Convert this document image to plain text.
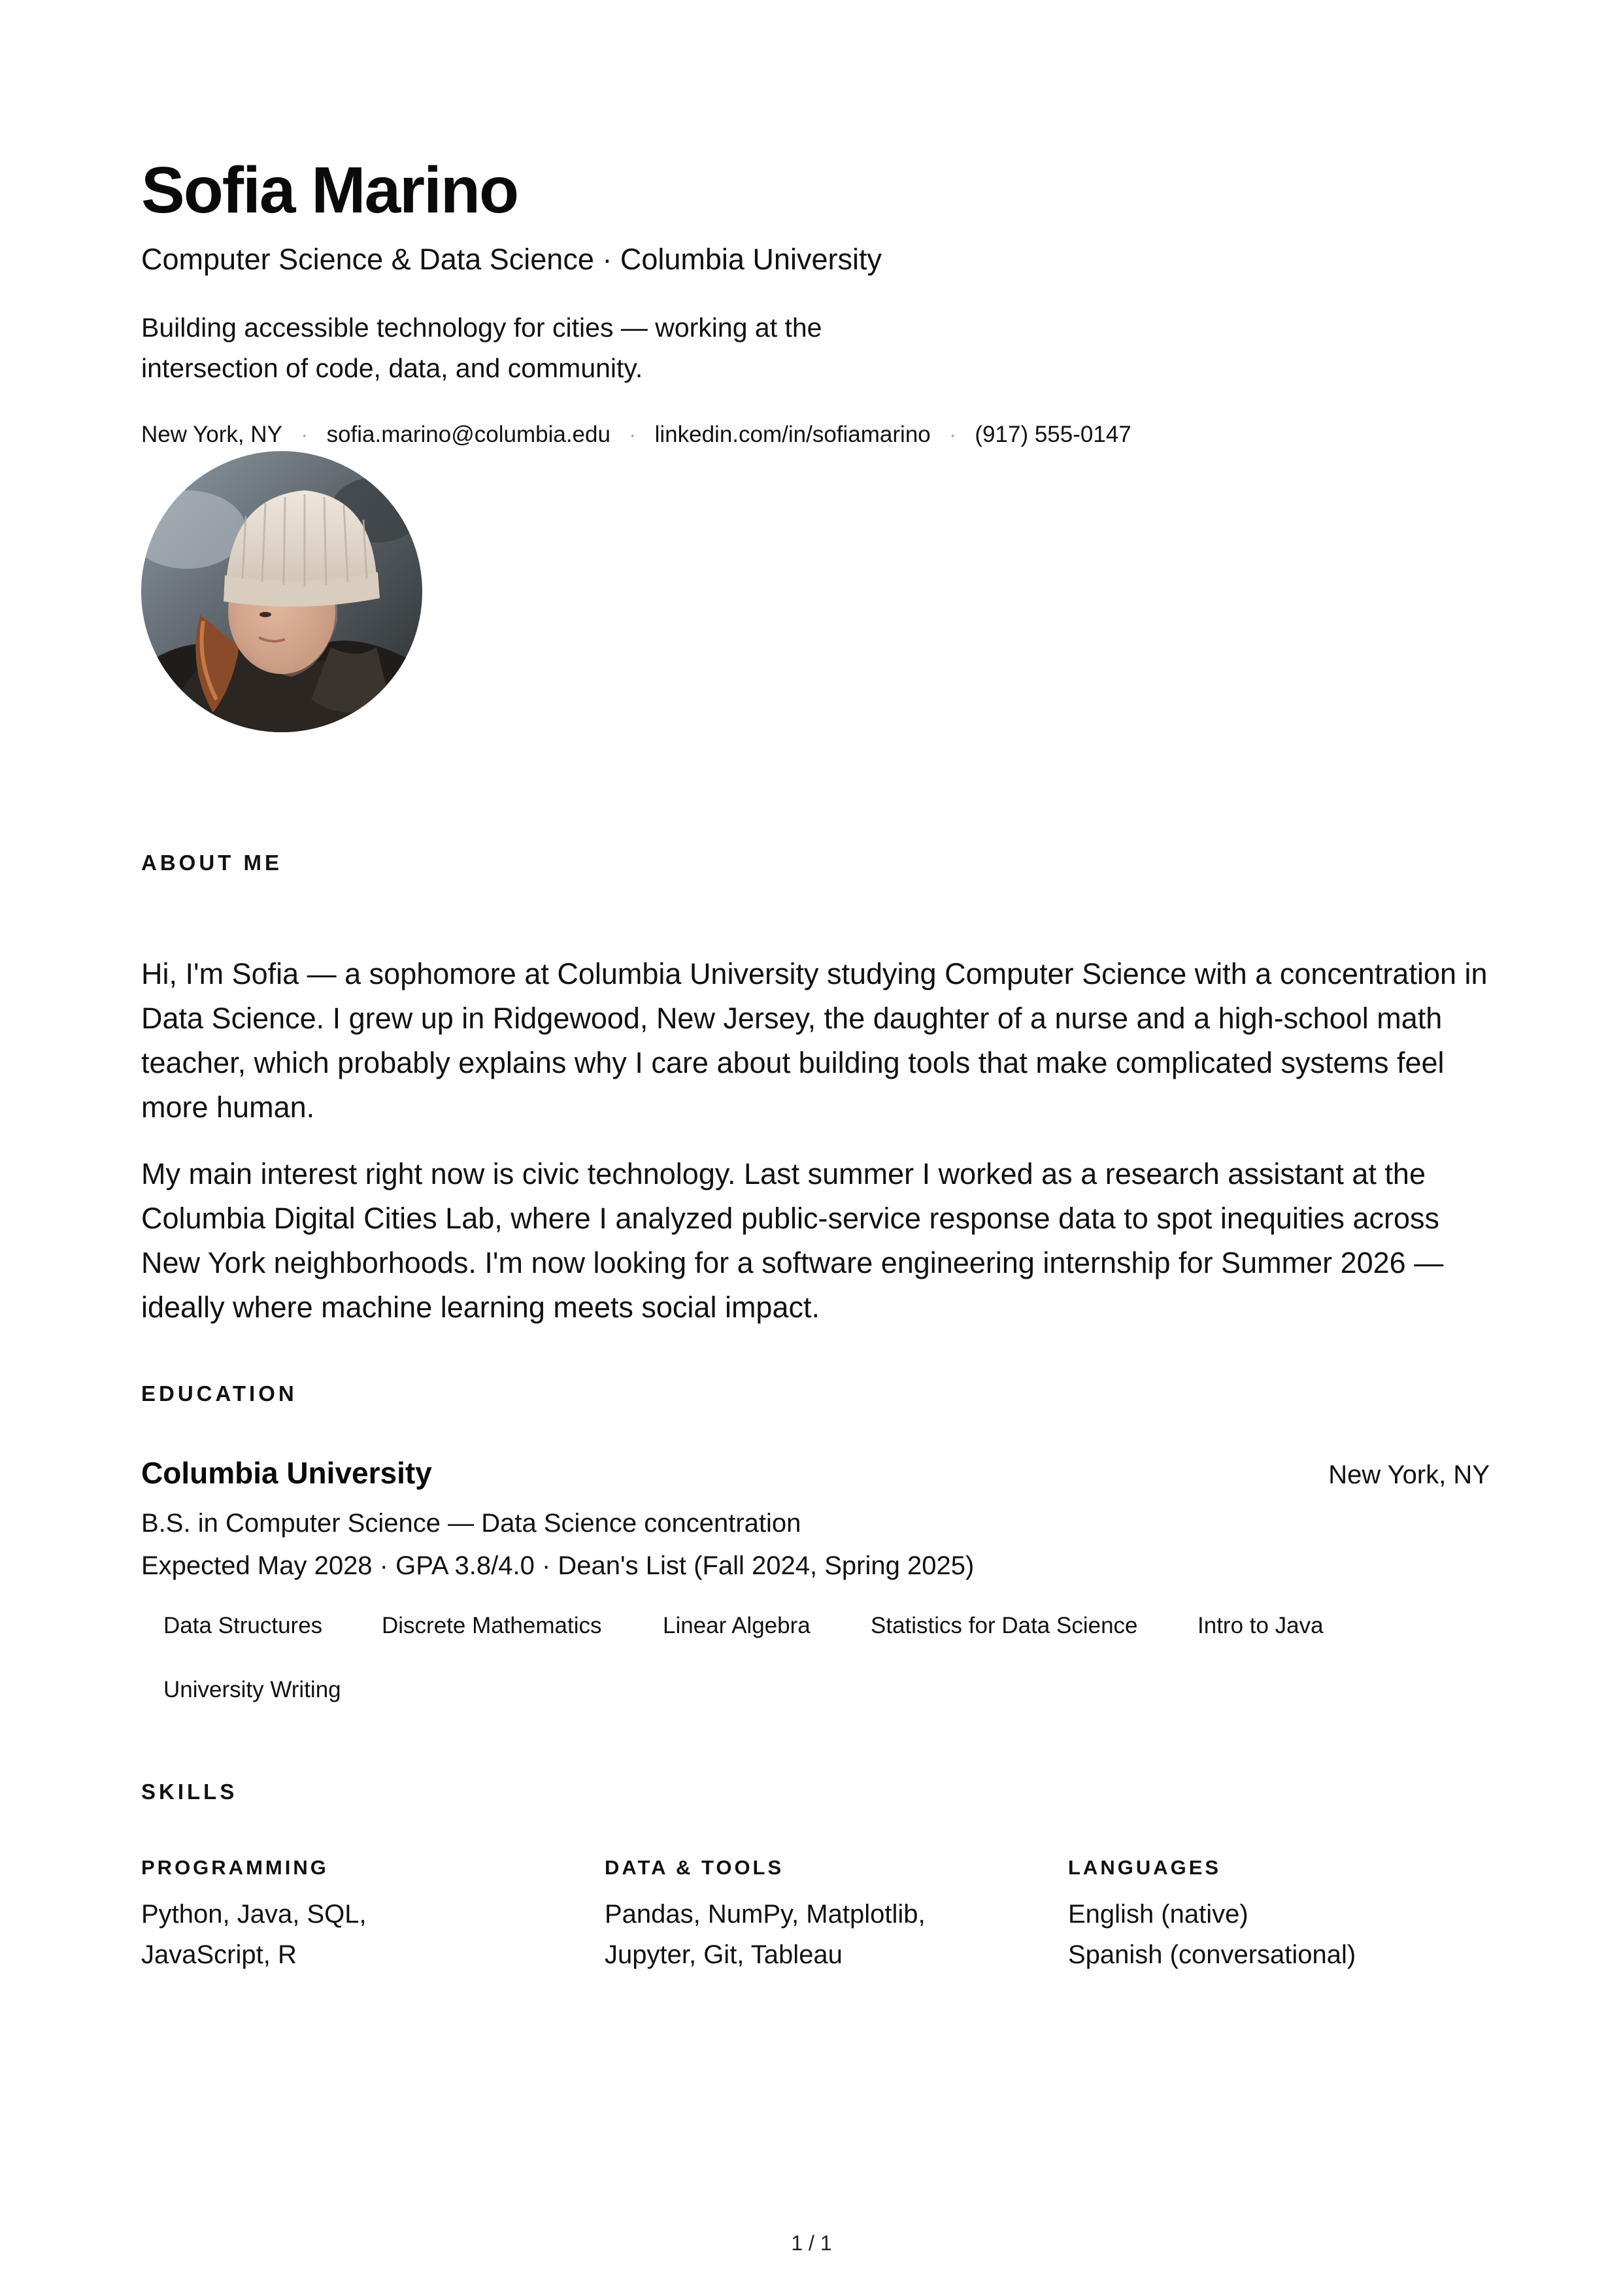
Sofia Marino
Computer Science & Data Science · Columbia University
Building accessible technology for cities — working at the intersection of code, data, and community.
New York, NY · sofia.marino@columbia.edu · linkedin.com/in/sofiamarino · (917) 555-0147
ABOUT ME

Hi, I'm Sofia — a sophomore at Columbia University studying Computer Science with a concentration in Data Science. I grew up in Ridgewood, New Jersey, the daughter of a nurse and a high-school math teacher, which probably explains why I care about building tools that make complicated systems feel more human.

My main interest right now is civic technology. Last summer I worked as a research assistant at the Columbia Digital Cities Lab, where I analyzed public-service response data to spot inequities across New York neighborhoods. I'm now looking for a software engineering internship for Summer 2026 — ideally where machine learning meets social impact.

EDUCATION
Columbia University	New York, NY
B.S. in Computer Science — Data Science concentration
Expected May 2028 · GPA 3.8/4.0 · Dean's List (Fall 2024, Spring 2025)
Data Structures	Discrete Mathematics	Linear Algebra	Statistics for Data Science	Intro to Java
University Writing
SKILLS
PROGRAMMING
Python, Java, SQL,
JavaScript, R
DATA & TOOLS
Pandas, NumPy, Matplotlib,
Jupyter, Git, Tableau
LANGUAGES
English (native)
Spanish (conversational)
1 / 1
